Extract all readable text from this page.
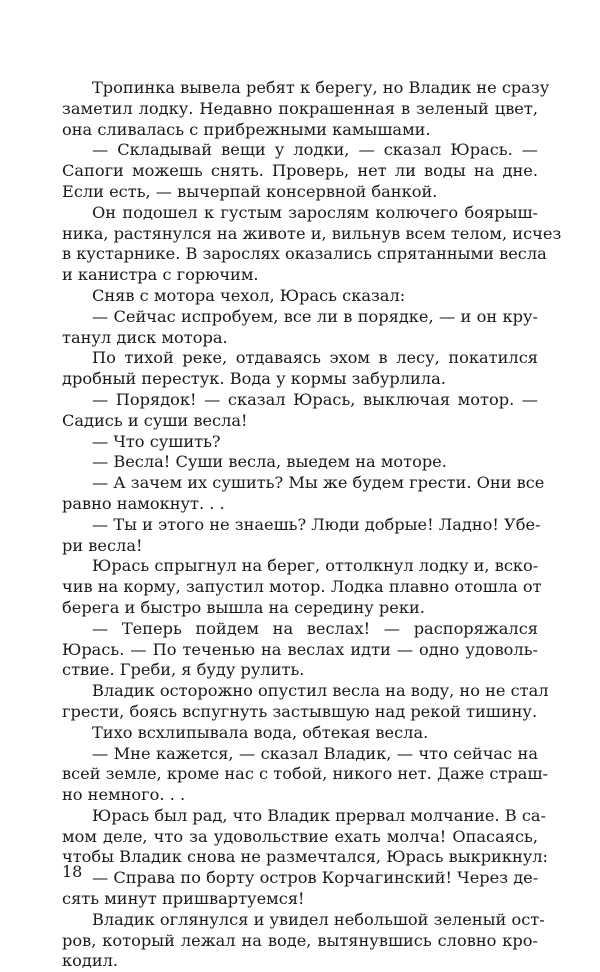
Тропинка вывела ребят к берегу, но Владик не сразу
заметил лодку. Недавно покрашенная в зеленый цвет,
она сливалась с прибрежными камышами.
— Складывай вещи у лодки, — сказал Юрась. —
Сапоги можешь снять. Проверь, нет ли воды на дне.
Если есть, — вычерпай консервной банкой.
Он подошел к густым зарослям колючего боярыш-
ника, растянулся на животе и, вильнув всем телом, исчез
в кустарнике. В зарослях оказались спрятанными весла
и канистра с горючим.
Сняв с мотора чехол, Юрась сказал:
— Сейчас испробуем, все ли в порядке, — и он кру-
танул диск мотора.
По тихой реке, отдаваясь эхом в лесу, покатился
дробный перестук. Вода у кормы забурлила.
— Порядок! — сказал Юрась, выключая мотор. —
Садись и суши весла!
— Что сушить?
— Весла! Суши весла, выедем на моторе.
— А зачем их сушить? Мы же будем грести. Они все
равно намокнут. . .
— Ты и этого не знаешь? Люди добрые! Ладно! Убе-
ри весла!
Юрась спрыгнул на берег, оттолкнул лодку и, вско-
чив на корму, запустил мотор. Лодка плавно отошла от
берега и быстро вышла на середину реки.
— Теперь пойдем на веслах! — распоряжался
Юрась. — По теченью на веслах идти — одно удоволь-
ствие. Греби, я буду рулить.
Владик осторожно опустил весла на воду, но не стал
грести, боясь вспугнуть застывшую над рекой тишину.
Тихо всхлипывала вода, обтекая весла.
— Мне кажется, — сказал Владик, — что сейчас на
всей земле, кроме нас с тобой, никого нет. Даже страш-
но немного. . .
Юрась был рад, что Владик прервал молчание. В са-
мом деле, что за удовольствие ехать молча! Опасаясь,
чтобы Владик снова не размечтался, Юрась выкрикнул:
— Справа по борту остров Корчагинский! Через де-
сять минут пришвартуемся!
Владик оглянулся и увидел небольшой зеленый ост-
ров, который лежал на воде, вытянувшись словно кро-
кодил.
18
